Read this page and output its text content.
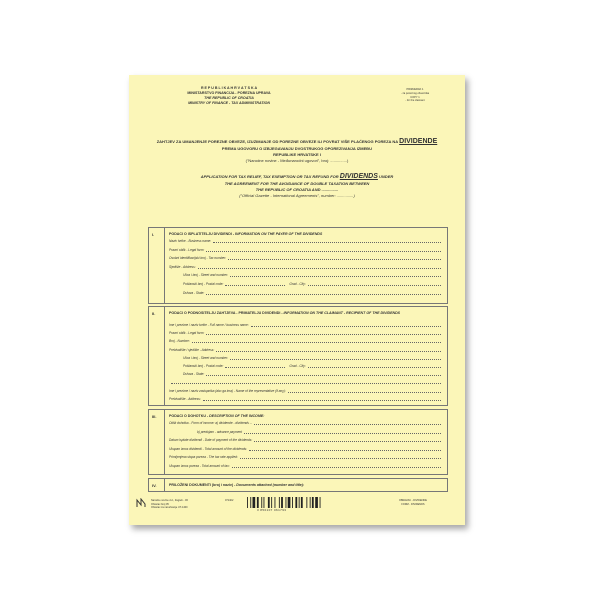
R E P U B L I K A H R V A T S K A
MINISTARSTVO FINANCIJA - POREZNA UPRAVA
THE REPUBLIC OF CROATIA
MINISTRY OF FINANCE - TAX ADMINISTRATION
PRIMJERAK 1
- za poreznog obveznika
COPY 1
- for the claimant
ZAHTJEV ZA UMANJENJE POREZNE OBVEZE, IZUZIMANJE OD POREZNE OBVEZE ILI POVRAT VIŠE PLAĆENOG POREZA NA DIVIDENDE
PREMA UGOVORU O IZBJEGAVANJU DVOSTRUKOG OPOREZIVANJA IZMEĐU
REPUBLIKE HRVATSKE I
("Narodne novine - Međunarodni ugovori", broj: ...............)
APPLICATION FOR TAX RELIEF, TAX EXEMPTION OR TAX REFUND FOR DIVIDENDS UNDER
THE AGREEMENT FOR THE AVOIDANCE OF DOUBLE TAXATION BETWEEN
THE REPUBLIC OF CROATIA AND ...............
("Official Gazette - International Agreements", number: ...............)
I.	PODACI O ISPLATITELJU DIVIDENDI - INFORMATION ON THE PAYER OF THE DIVIDENDS
Naziv tvrtke - Business name:
Pravni oblik - Legal form:
Osobni identifikacijski broj - Tax number:
Sjedište - Address:
Ulica i broj - Street and number:
Poštanski broj - Postal code:	Grad - City:
Država - State:
II.	PODACI O PODNOSITELJU ZAHTJEVA - PRIMATELJU DIVIDENDI - INFORMATION ON THE CLAIMANT - RECIPIENT OF THE DIVIDENDS
Ime i prezime / naziv tvrtke - Full name / business name:
Pravni oblik - Legal form:
Broj - Number:
Prebivalište / sjedište - Address:
Ulica i broj - Street and number:
Poštanski broj - Postal code:	Grad - City:
Država - State:
Ime i prezime / naziv zastupnika (ako ga ima) - Name of the representative (if any):
Prebivalište - Address:
III.	PODACI O DOHOTKU - DESCRIPTION OF THE INCOME:
Oblik dohotka - Form of income: a) dividende - dividends ...
b) predujam - advance payment
Datum isplate dividendi - Date of payment of the dividends:
Ukupan iznos dividendi - Total amount of the dividends:
Primijenjena stopa poreza - The tax rate applied:
Ukupan iznos poreza - Total amount of tax:
IV.	PRILOŽENI DOKUMENTI (broj i naziv) - Documents attached (number and title):
Narodne novine d.d., Zagreb - 06
Obrazac broj 05
Obrazac za naručivanje UT-1400
071402
3 850107 061793
OBRAZAC - DIVIDENDE
FORM - DIVIDENDS
